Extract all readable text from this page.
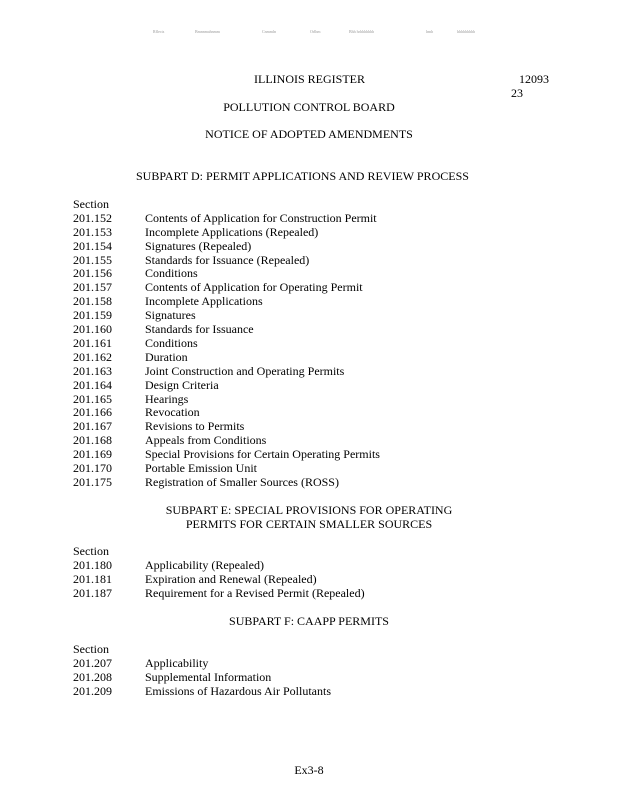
Rflects	Bmnnmahnmm	Cnmmln	Orlhm	Bhh hrhhhhhhh	hmh	hhhhhhhhh
ILLINOIS REGISTER	12093
23
POLLUTION CONTROL BOARD
NOTICE OF ADOPTED AMENDMENTS
SUBPART D: PERMIT APPLICATIONS AND REVIEW PROCESS
Section
201.152	Contents of Application for Construction Permit
201.153	Incomplete Applications (Repealed)
201.154	Signatures (Repealed)
201.155	Standards for Issuance (Repealed)
201.156	Conditions
201.157	Contents of Application for Operating Permit
201.158	Incomplete Applications
201.159	Signatures
201.160	Standards for Issuance
201.161	Conditions
201.162	Duration
201.163	Joint Construction and Operating Permits
201.164	Design Criteria
201.165	Hearings
201.166	Revocation
201.167	Revisions to Permits
201.168	Appeals from Conditions
201.169	Special Provisions for Certain Operating Permits
201.170	Portable Emission Unit
201.175	Registration of Smaller Sources (ROSS)
SUBPART E: SPECIAL PROVISIONS FOR OPERATING
PERMITS FOR CERTAIN SMALLER SOURCES
Section
201.180	Applicability (Repealed)
201.181	Expiration and Renewal (Repealed)
201.187	Requirement for a Revised Permit (Repealed)
SUBPART F: CAAPP PERMITS
Section
201.207	Applicability
201.208	Supplemental Information
201.209	Emissions of Hazardous Air Pollutants
Ex3-8
